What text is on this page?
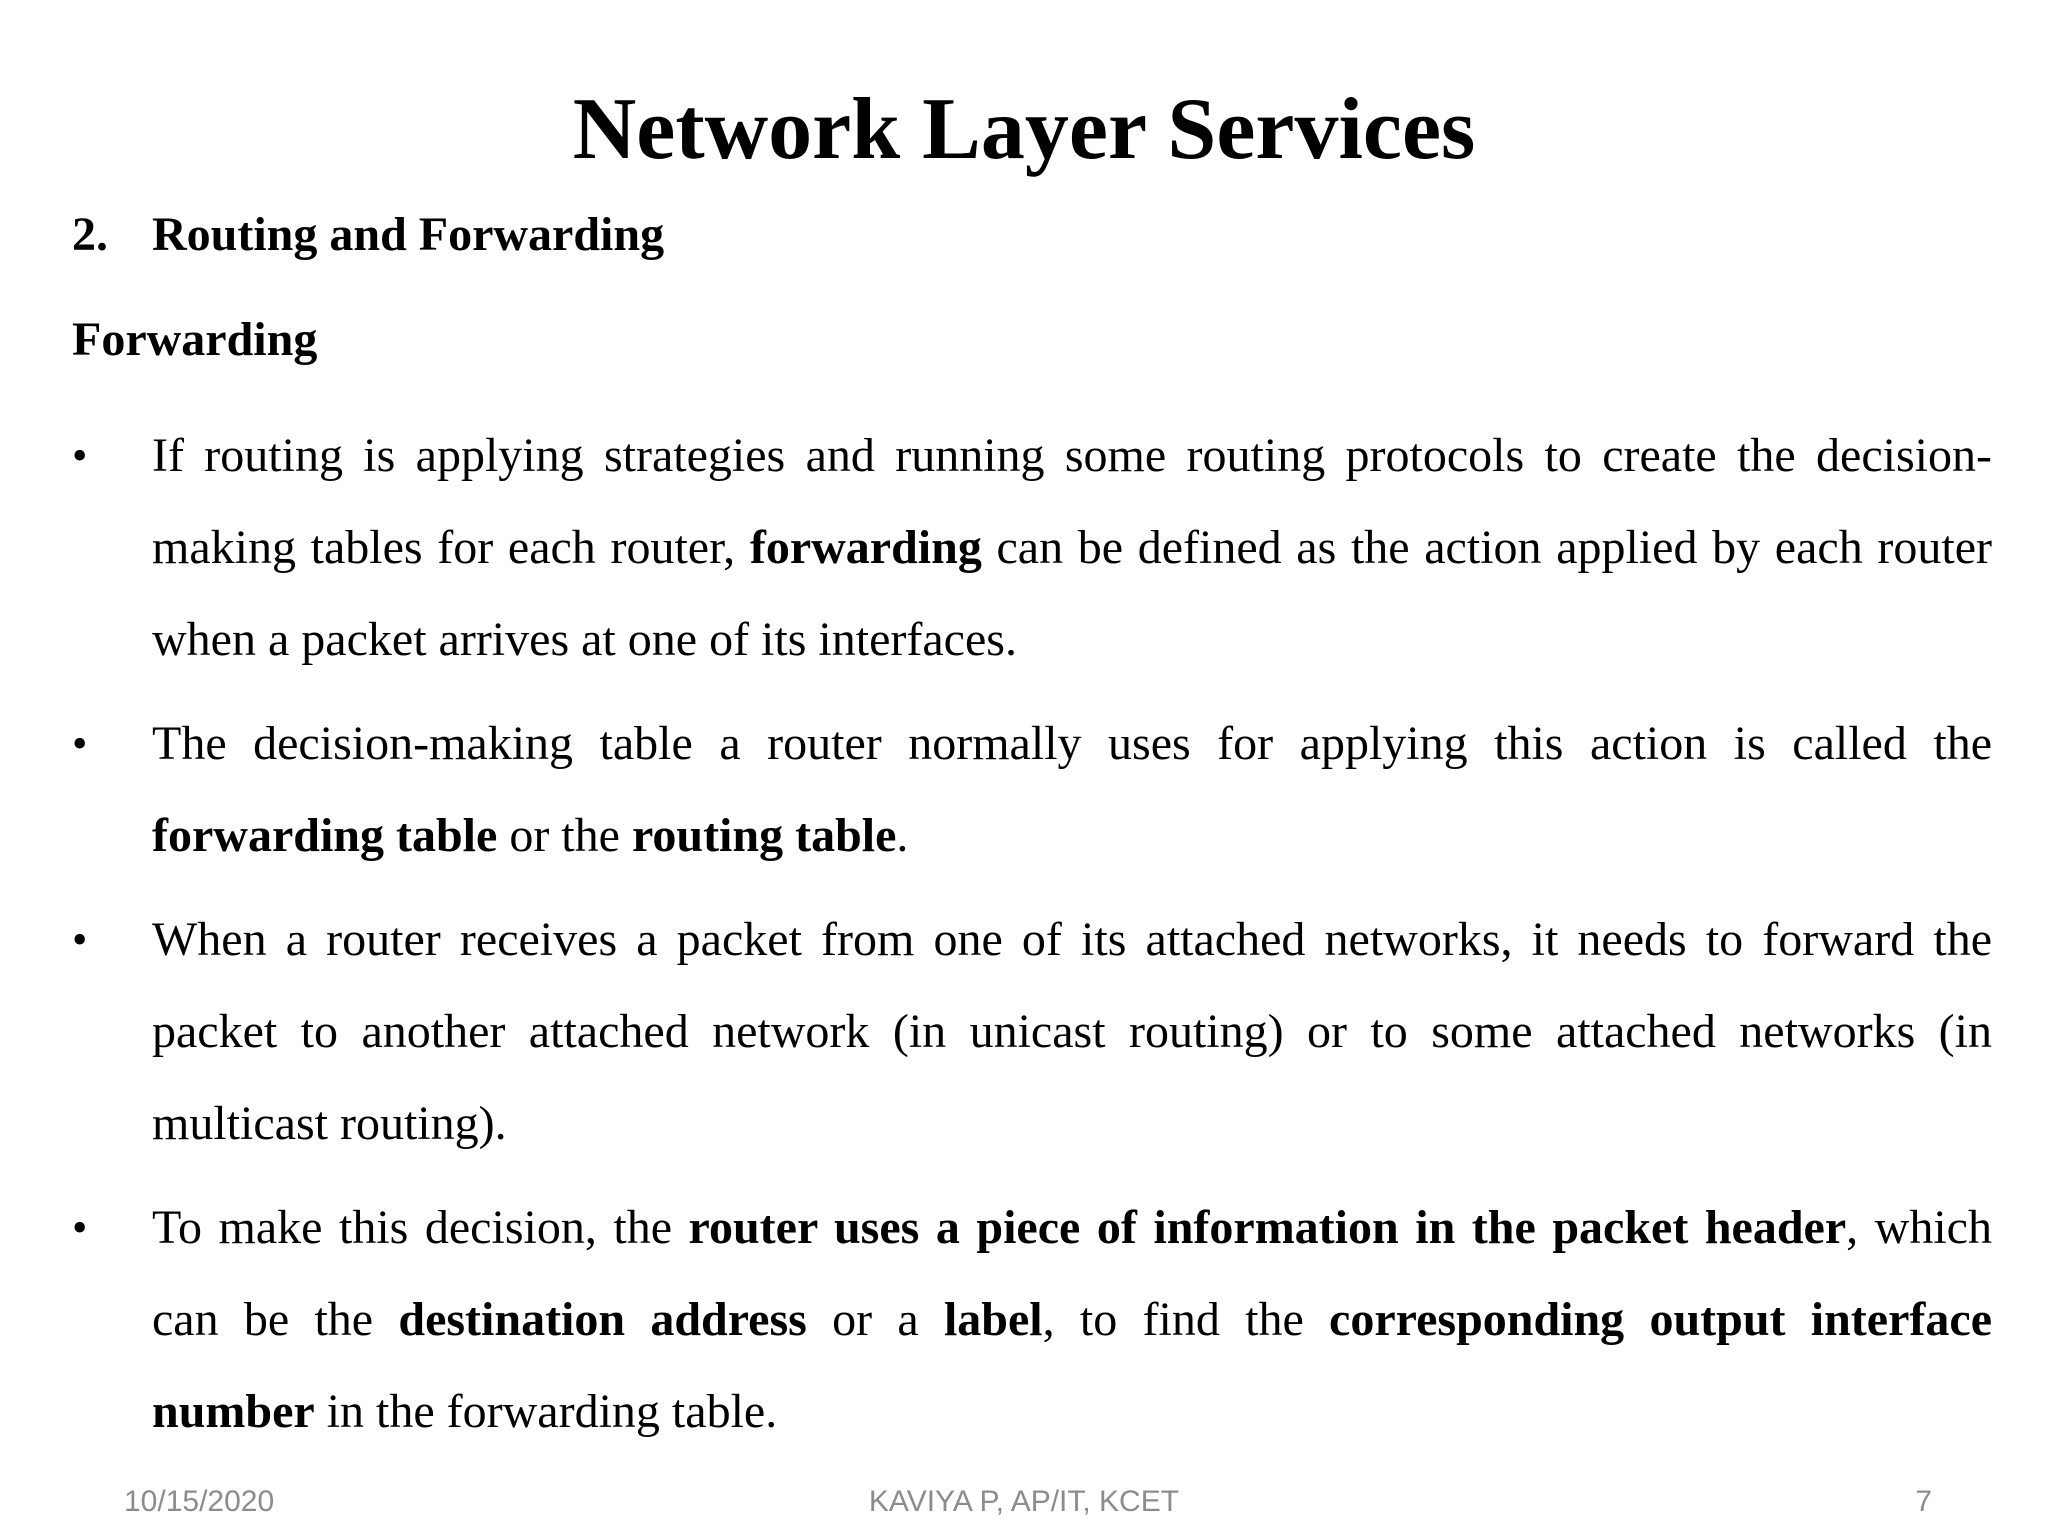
Network Layer Services
2. Routing and Forwarding
Forwarding
•	If routing is applying strategies and running some routing protocols to create the decision-making tables for each router, forwarding can be defined as the action applied by each router when a packet arrives at one of its interfaces.
•	The decision-making table a router normally uses for applying this action is called the forwarding table or the routing table.
•	When a router receives a packet from one of its attached networks, it needs to forward the packet to another attached network (in unicast routing) or to some attached networks (in multicast routing).
•	To make this decision, the router uses a piece of information in the packet header, which can be the destination address or a label, to find the corresponding output interface number in the forwarding table.
10/15/2020	KAVIYA P, AP/IT, KCET	7
